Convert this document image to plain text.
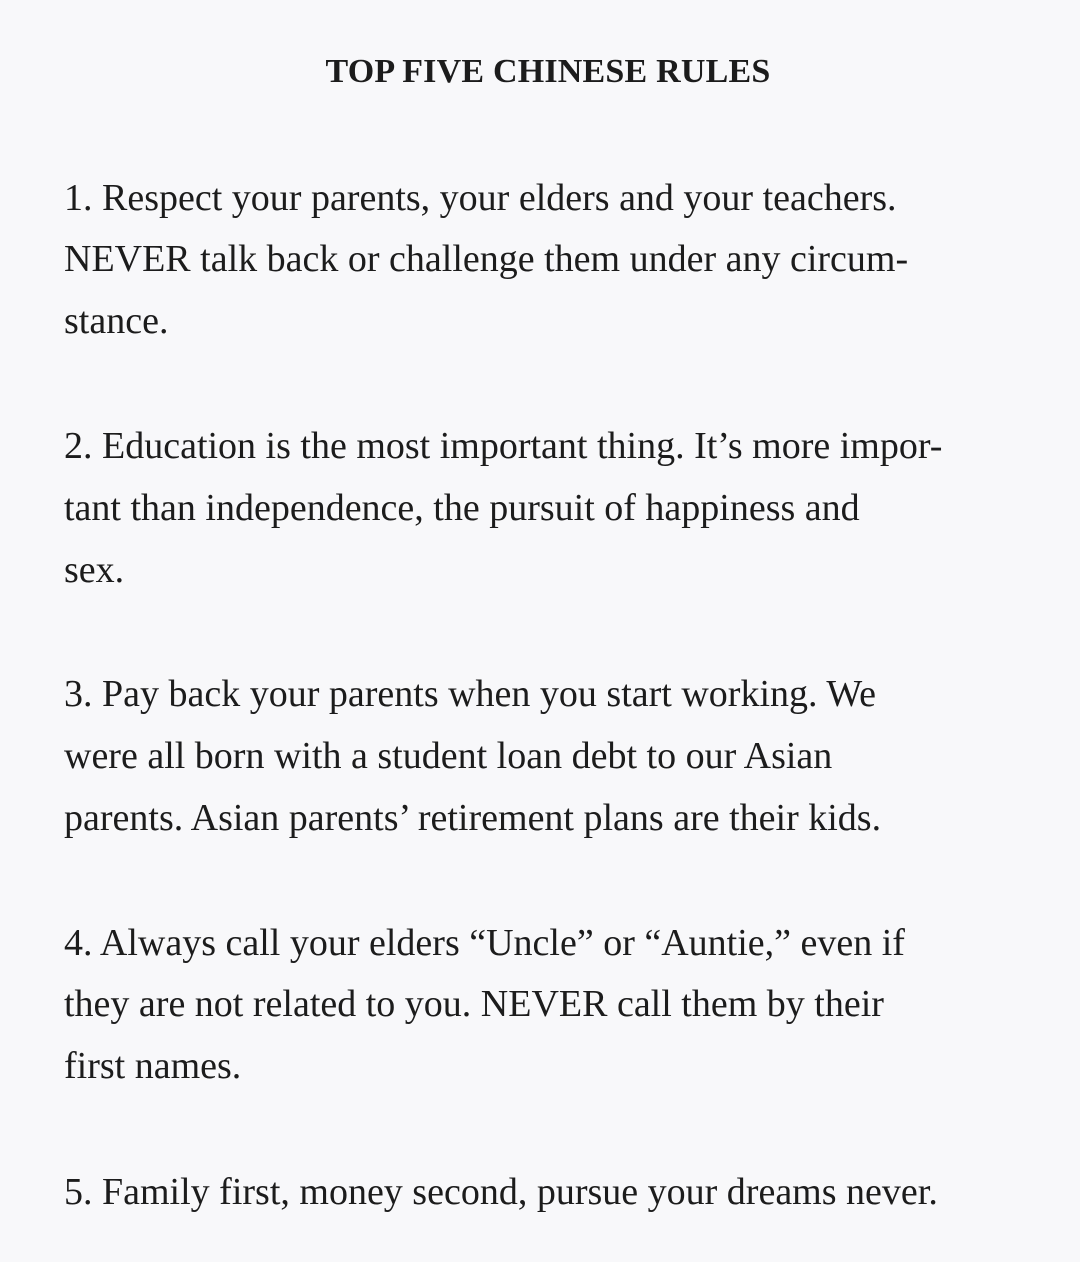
TOP FIVE CHINESE RULES

1. Respect your parents, your elders and your teachers.

NEVER talk back or challenge them under any circum-

stance.

2. Education is the most important thing. It’s more impor-

tant than independence, the pursuit of happiness and

sex.

3. Pay back your parents when you start working. We

were all born with a student loan debt to our Asian

parents. Asian parents’ retirement plans are their kids.

4. Always call your elders “Uncle” or “Auntie,” even if

they are not related to you. NEVER call them by their

first names.

5. Family first, money second, pursue your dreams never.
